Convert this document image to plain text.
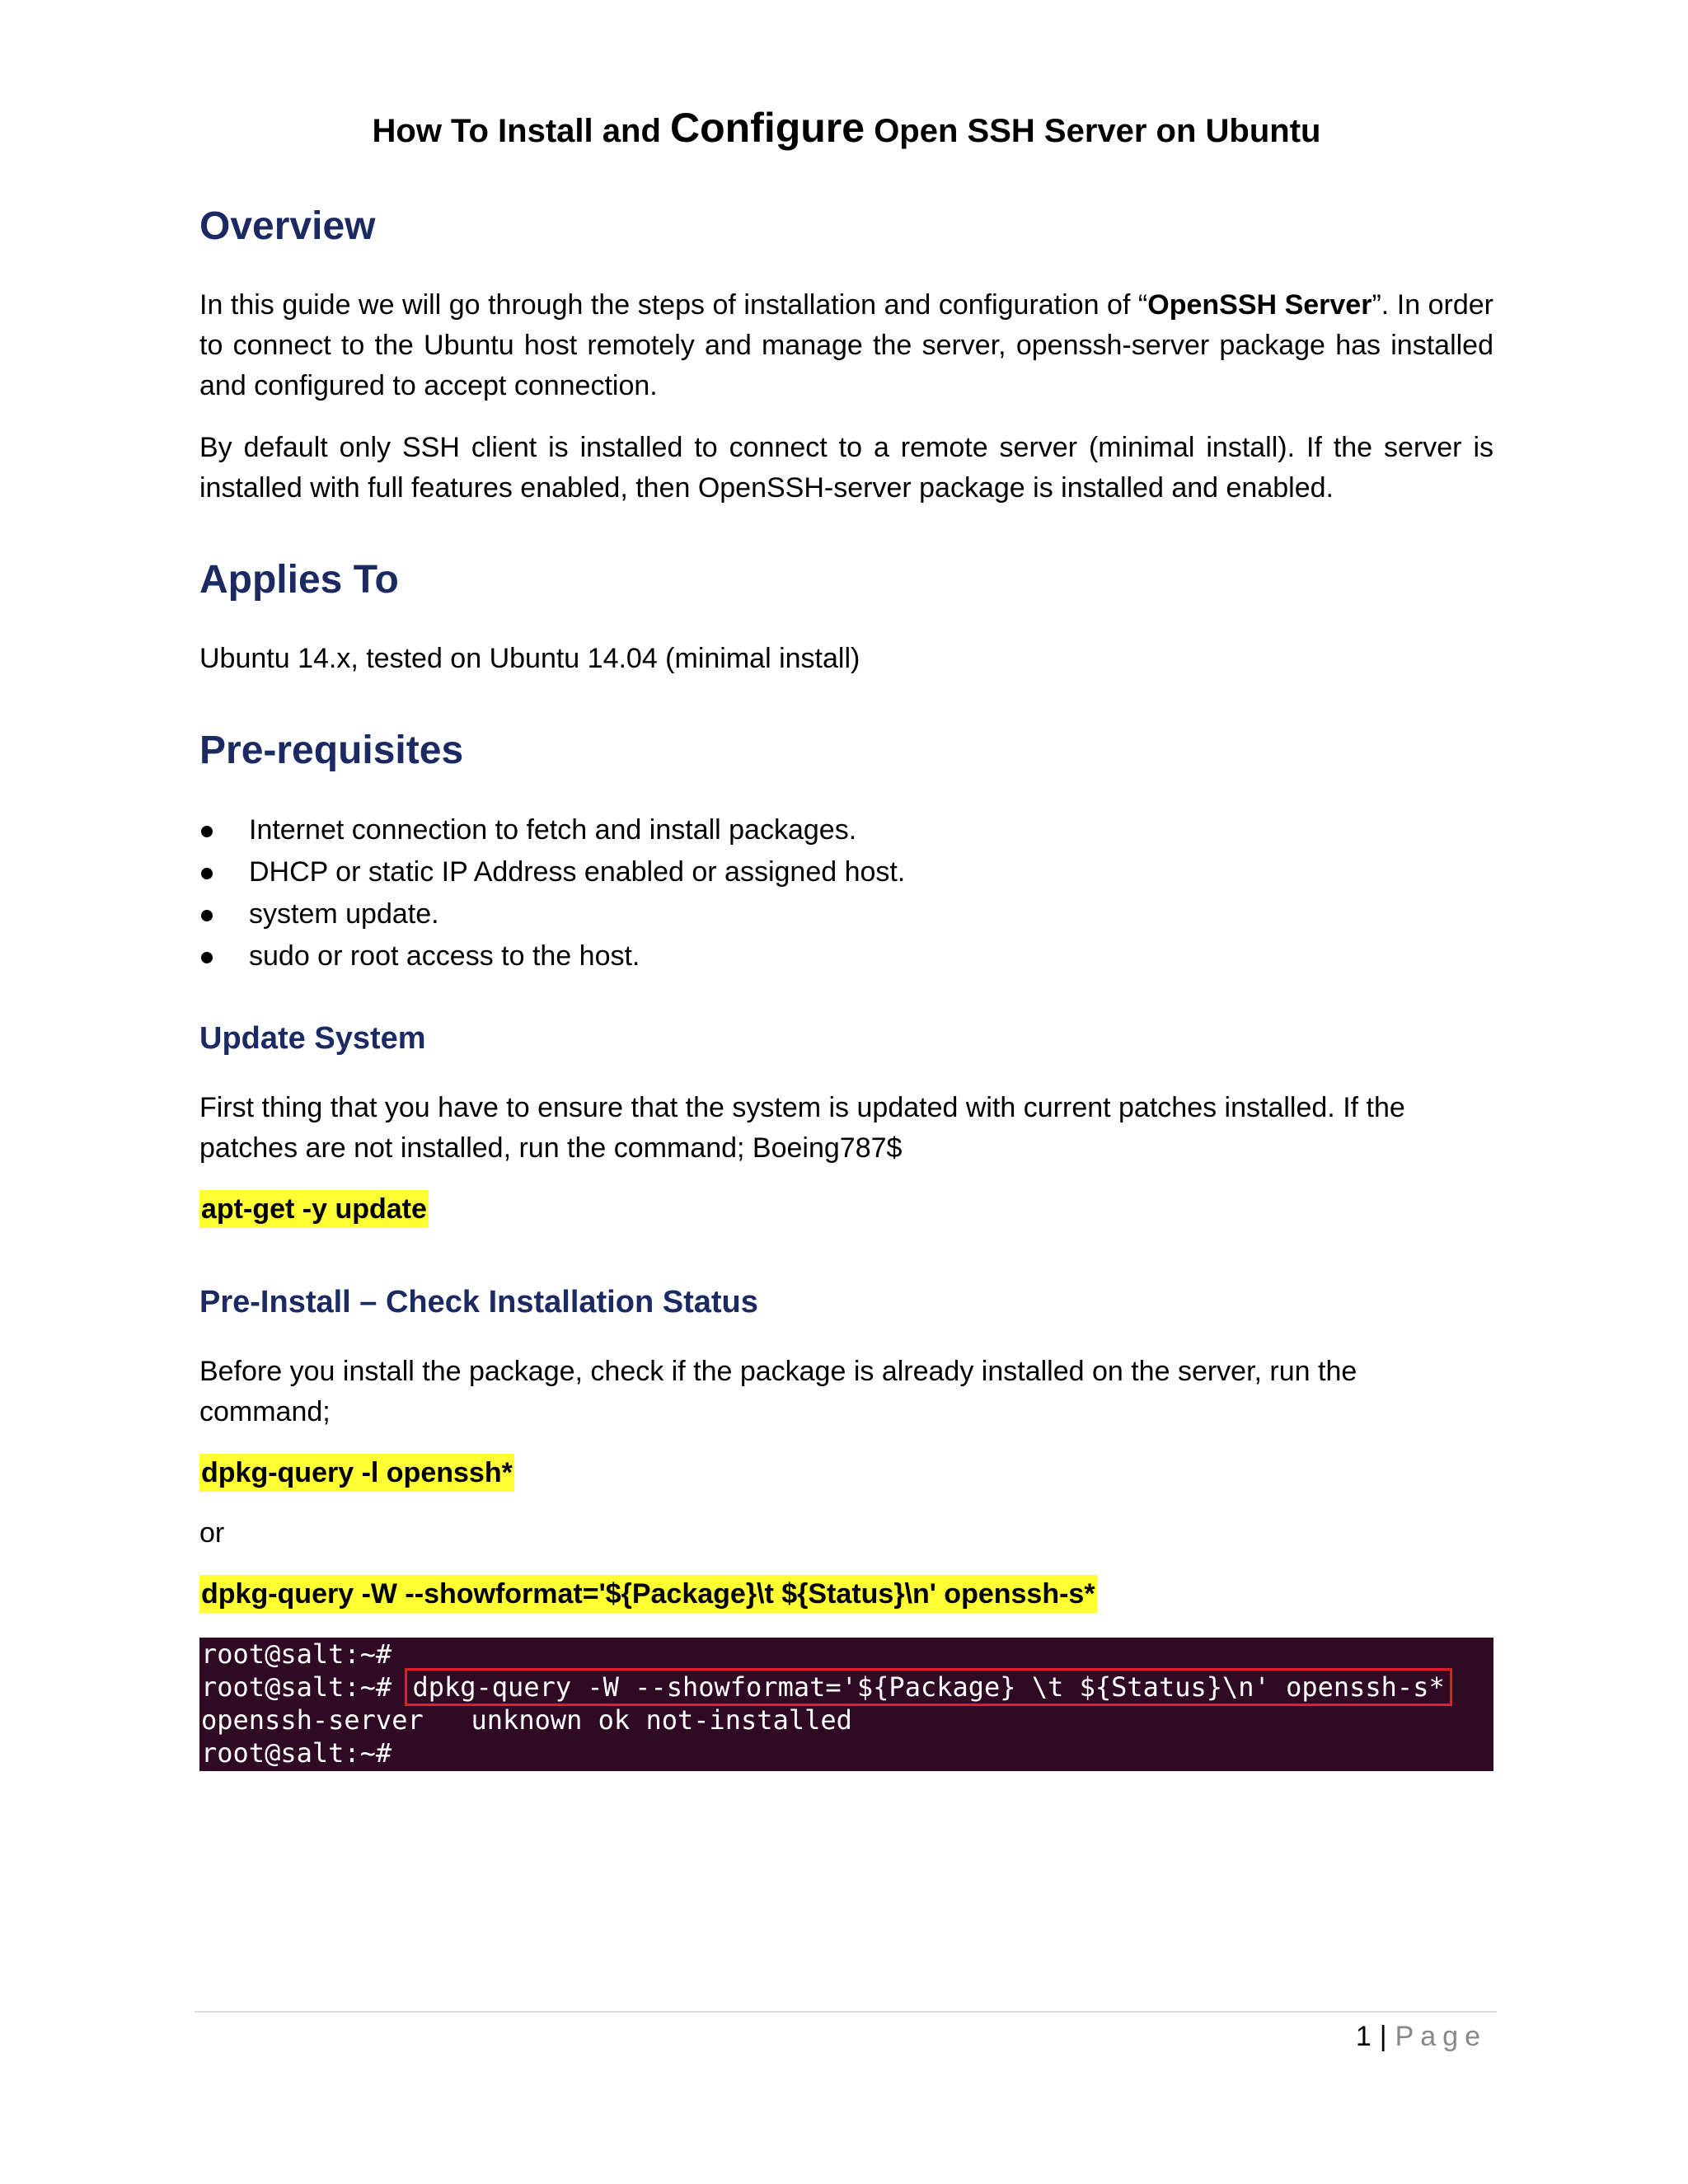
How To Install and Configure Open SSH Server on Ubuntu
Overview

In this guide we will go through the steps of installation and configuration of “OpenSSH Server”. In order to connect to the Ubuntu host remotely and manage the server, openssh-server package has installed and configured to accept connection.

By default only SSH client is installed to connect to a remote server (minimal install). If the server is installed with full features enabled, then OpenSSH-server package is installed and enabled.

Applies To

Ubuntu 14.x, tested on Ubuntu 14.04 (minimal install)

Pre-requisites
Internet connection to fetch and install packages.
DHCP or static IP Address enabled or assigned host.
system update.
sudo or root access to the host.
Update System

First thing that you have to ensure that the system is updated with current patches installed. If the patches are not installed, run the command; Boeing787$

apt-get -y update
Pre-Install – Check Installation Status

Before you install the package, check if the package is already installed on the server, run the command;

dpkg-query -l openssh*

or

dpkg-query -W --showformat='${Package}\t ${Status}\n' openssh-s*
root@salt:~#
root@salt:~# dpkg-query -W --showformat='${Package} \t ${Status}\n' openssh-s*
openssh-server   unknown ok not-installed
root@salt:~#
1 | Page
